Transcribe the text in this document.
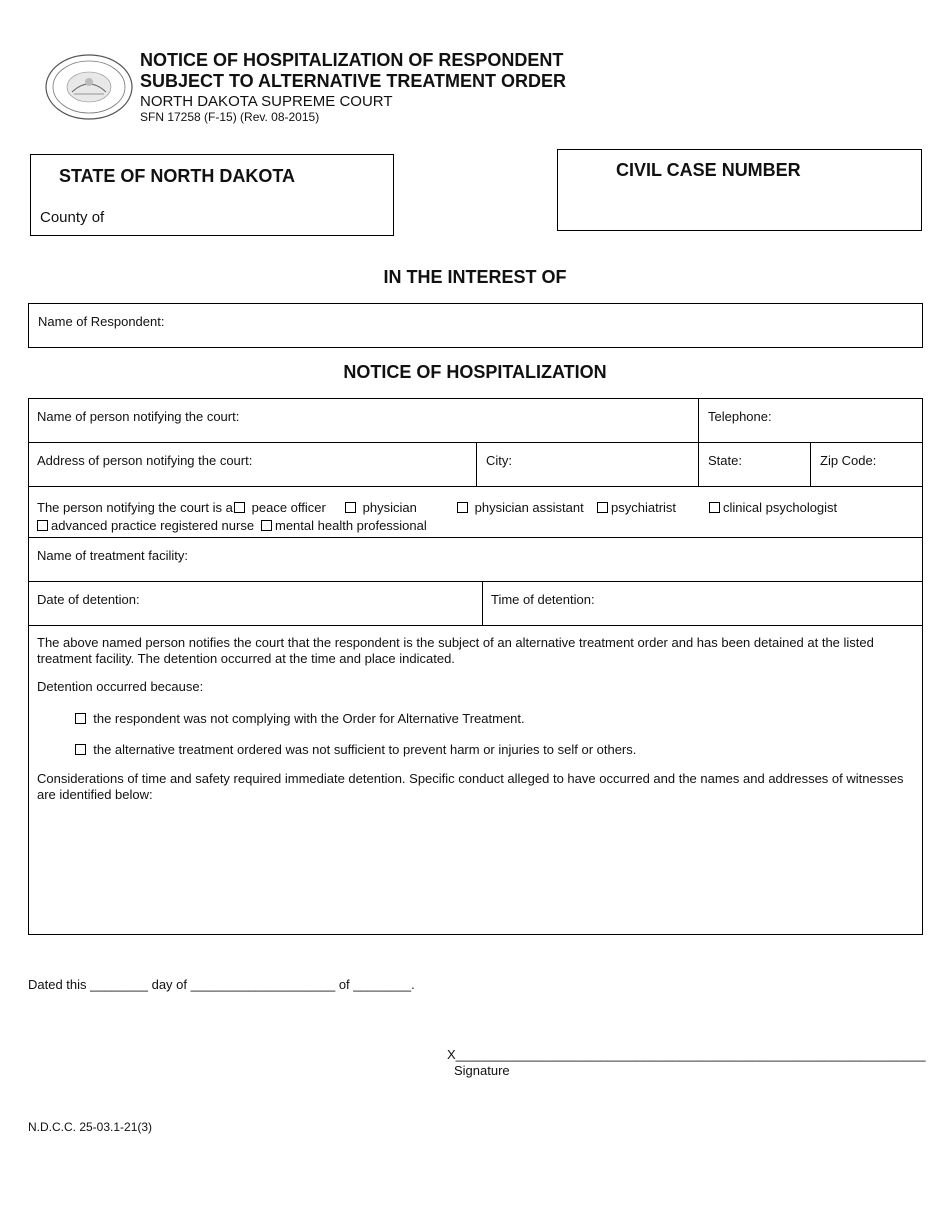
NOTICE OF HOSPITALIZATION OF RESPONDENT
SUBJECT TO ALTERNATIVE TREATMENT ORDER
NORTH DAKOTA SUPREME COURT
SFN 17258 (F-15) (Rev. 08-2015)
STATE OF NORTH DAKOTA
County of
CIVIL CASE NUMBER
IN THE INTEREST OF
Name of Respondent:
NOTICE OF HOSPITALIZATION
Name of person notifying the court:	Telephone:
Address of person notifying the court:	City:	State:	Zip Code:
The person notifying the court is a	peace officer	physician	physician assistant	psychiatrist	clinical psychologist
advanced practice registered nurse	mental health professional
Name of treatment facility:
Date of detention:	Time of detention:
The above named person notifies the court that the respondent is the subject of an alternative treatment order and has been detained at the listed treatment facility. The detention occurred at the time and place indicated.
Detention occurred because:
the respondent was not complying with the Order for Alternative Treatment.
the alternative treatment ordered was not sufficient to prevent harm or injuries to self or others.
Considerations of time and safety required immediate detention. Specific conduct alleged to have occurred and the names and addresses of witnesses are identified below:
Dated this ________ day of ____________________ of ________.
X_________________________________________________________________
Signature
N.D.C.C. 25-03.1-21(3)
